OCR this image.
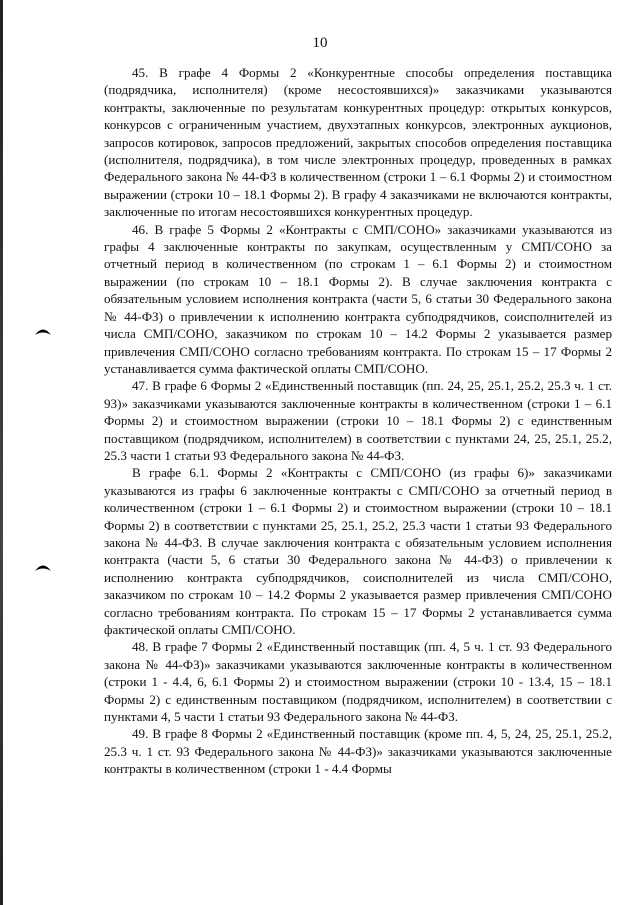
10

45. В графе 4 Формы 2 «Конкурентные способы определения поставщика (подрядчика, исполнителя) (кроме несостоявшихся)» заказчиками указываются контракты, заключенные по результатам конкурентных процедур: открытых конкурсов, конкурсов с ограниченным участием, двухэтапных конкурсов, электронных аукционов, запросов котировок, запросов предложений, закрытых способов определения поставщика (исполнителя, подрядчика), в том числе электронных процедур, проведенных в рамках Федерального закона № 44-ФЗ в количественном (строки 1 – 6.1 Формы 2) и стоимостном выражении (строки 10 – 18.1 Формы 2). В графу 4 заказчиками не включаются контракты, заключенные по итогам несостоявшихся конкурентных процедур.

46. В графе 5 Формы 2 «Контракты с СМП/СОНО» заказчиками указываются из графы 4 заключенные контракты по закупкам, осуществленным у СМП/СОНО за отчетный период в количественном (по строкам 1 – 6.1 Формы 2) и стоимостном выражении (по строкам 10 – 18.1 Формы 2). В случае заключения контракта с обязательным условием исполнения контракта (части 5, 6 статьи 30 Федерального закона № 44-ФЗ) о привлечении к исполнению контракта субподрядчиков, соисполнителей из числа СМП/СОНО, заказчиком по строкам 10 – 14.2 Формы 2 указывается размер привлечения СМП/СОНО согласно требованиям контракта. По строкам 15 – 17 Формы 2 устанавливается сумма фактической оплаты СМП/СОНО.

47. В графе 6 Формы 2 «Единственный поставщик (пп. 24, 25, 25.1, 25.2, 25.3 ч. 1 ст. 93)» заказчиками указываются заключенные контракты в количественном (строки 1 – 6.1 Формы 2) и стоимостном выражении (строки 10 – 18.1 Формы 2) с единственным поставщиком (подрядчиком, исполнителем) в соответствии с пунктами 24, 25, 25.1, 25.2, 25.3 части 1 статьи 93 Федерального закона № 44-ФЗ.

В графе 6.1. Формы 2 «Контракты с СМП/СОНО (из графы 6)» заказчиками указываются из графы 6 заключенные контракты с СМП/СОНО за отчетный период в количественном (строки 1 – 6.1 Формы 2) и стоимостном выражении (строки 10 – 18.1 Формы 2) в соответствии с пунктами 25, 25.1, 25.2, 25.3 части 1 статьи 93 Федерального закона № 44-ФЗ. В случае заключения контракта с обязательным условием исполнения контракта (части 5, 6 статьи 30 Федерального закона № 44-ФЗ) о привлечении к исполнению контракта субподрядчиков, соисполнителей из числа СМП/СОНО, заказчиком по строкам 10 – 14.2 Формы 2 указывается размер привлечения СМП/СОНО согласно требованиям контракта. По строкам 15 – 17 Формы 2 устанавливается сумма фактической оплаты СМП/СОНО.

48. В графе 7 Формы 2 «Единственный поставщик (пп. 4, 5 ч. 1 ст. 93 Федерального закона № 44-ФЗ)» заказчиками указываются заключенные контракты в количественном (строки 1 - 4.4, 6, 6.1 Формы 2) и стоимостном выражении (строки 10 - 13.4, 15 – 18.1 Формы 2) с единственным поставщиком (подрядчиком, исполнителем) в соответствии с пунктами 4, 5 части 1 статьи 93 Федерального закона № 44-ФЗ.

49. В графе 8 Формы 2 «Единственный поставщик (кроме пп. 4, 5, 24, 25, 25.1, 25.2, 25.3 ч. 1 ст. 93 Федерального закона № 44-ФЗ)» заказчиками указываются заключенные контракты в количественном (строки 1 - 4.4 Формы
